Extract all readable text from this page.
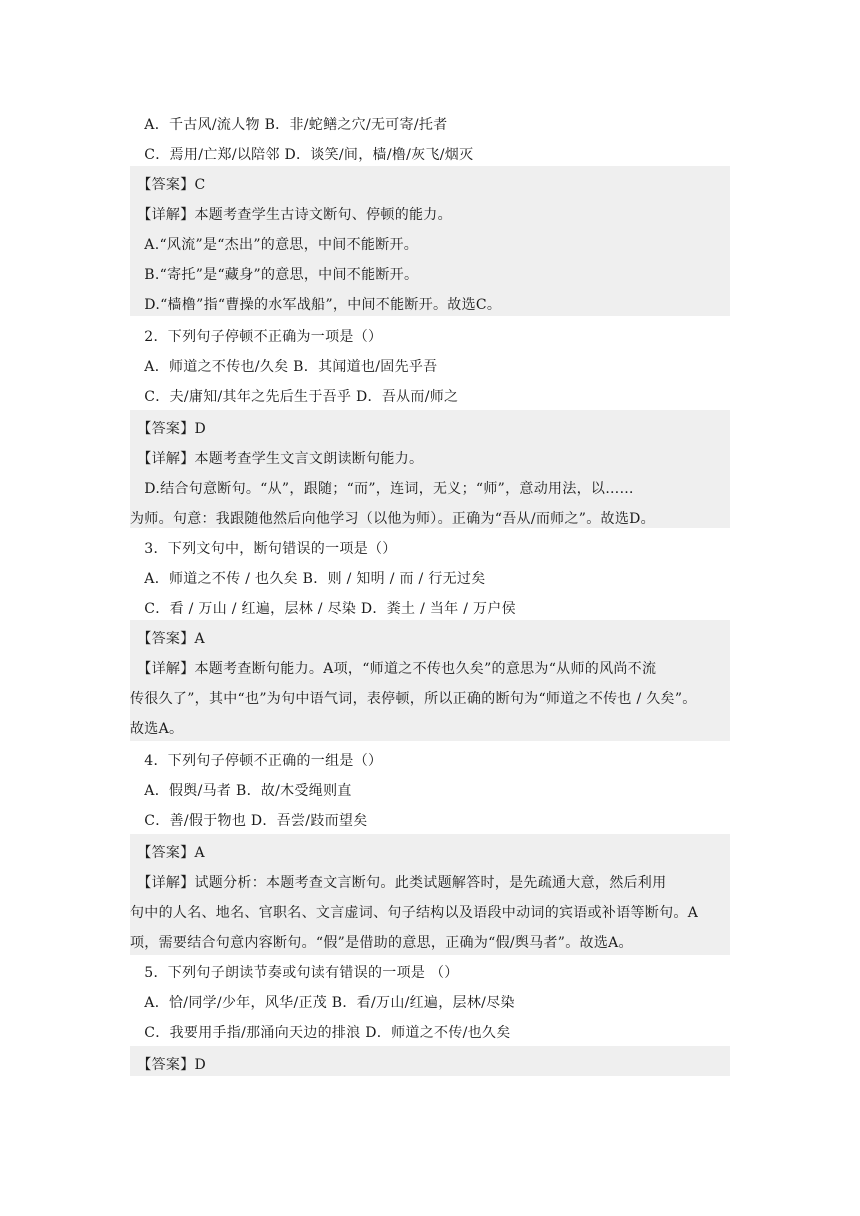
　A．千古风/流人物 B．非/蛇鳝之穴/无可寄/托者
　C．焉用/亡郑/以陪邻 D．谈笑/间，樯/橹/灰飞/烟灭
　【答案】C
　【详解】本题考查学生古诗文断句、停顿的能力。
　A.“风流”是“杰出”的意思，中间不能断开。
　B.“寄托”是“藏身”的意思，中间不能断开。
　D.“樯橹”指“曹操的水军战船”，中间不能断开。故选C。
　2．下列句子停顿不正确为一项是（）
　A．师道之不传也/久矣 B．其闻道也/固先乎吾
　C．夫/庸知/其年之先后生于吾乎 D．吾从而/师之
　【答案】D
　【详解】本题考查学生文言文朗读断句能力。
　D.结合句意断句。“从”，跟随；“而”，连词，无义；“师”，意动用法，以……
为师。句意：我跟随他然后向他学习（以他为师）。正确为“吾从/而师之”。故选D。
　3．下列文句中，断句错误的一项是（）
　A．师道之不传 / 也久矣 B．则 / 知明 / 而 / 行无过矣
　C．看 / 万山 / 红遍，层林 / 尽染 D．粪土 / 当年 / 万户侯
　【答案】A
　【详解】本题考查断句能力。A项，“师道之不传也久矣”的意思为“从师的风尚不流
传很久了”，其中“也”为句中语气词，表停顿，所以正确的断句为“师道之不传也 / 久矣”。
故选A。
　4．下列句子停顿不正确的一组是（）
　A．假舆/马者 B．故/木受绳则直
　C．善/假于物也 D．吾尝/跂而望矣
　【答案】A
　【详解】试题分析：本题考查文言断句。此类试题解答时，是先疏通大意，然后利用
句中的人名、地名、官职名、文言虚词、句子结构以及语段中动词的宾语或补语等断句。A
项，需要结合句意内容断句。“假”是借助的意思，正确为“假/舆马者”。故选A。
　5．下列句子朗读节奏或句读有错误的一项是 （）
　A．恰/同学/少年，风华/正茂 B．看/万山/红遍，层林/尽染
　C．我要用手指/那涌向天边的排浪 D．师道之不传/也久矣
　【答案】D
